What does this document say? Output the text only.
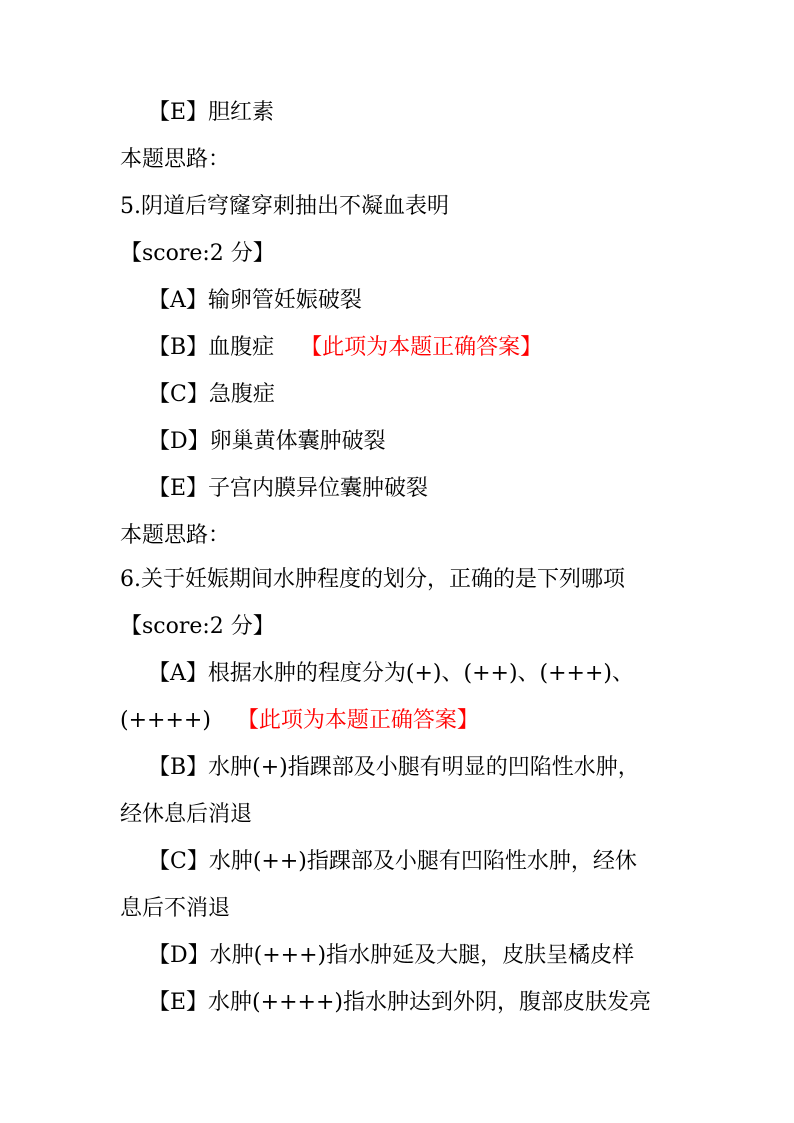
【E】胆红素
本题思路：
5.阴道后穹窿穿刺抽出不凝血表明
【score:2 分】
【A】输卵管妊娠破裂
【B】血腹症 【此项为本题正确答案】
【C】急腹症
【D】卵巢黄体囊肿破裂
【E】子宫内膜异位囊肿破裂
本题思路：
6.关于妊娠期间水肿程度的划分，正确的是下列哪项
【score:2 分】
【A】根据水肿的程度分为(+)、(++)、(+++)、
(++++) 【此项为本题正确答案】
【B】水肿(+)指踝部及小腿有明显的凹陷性水肿，
经休息后消退
【C】水肿(++)指踝部及小腿有凹陷性水肿，经休
息后不消退
【D】水肿(+++)指水肿延及大腿，皮肤呈橘皮样
【E】水肿(++++)指水肿达到外阴，腹部皮肤发亮
